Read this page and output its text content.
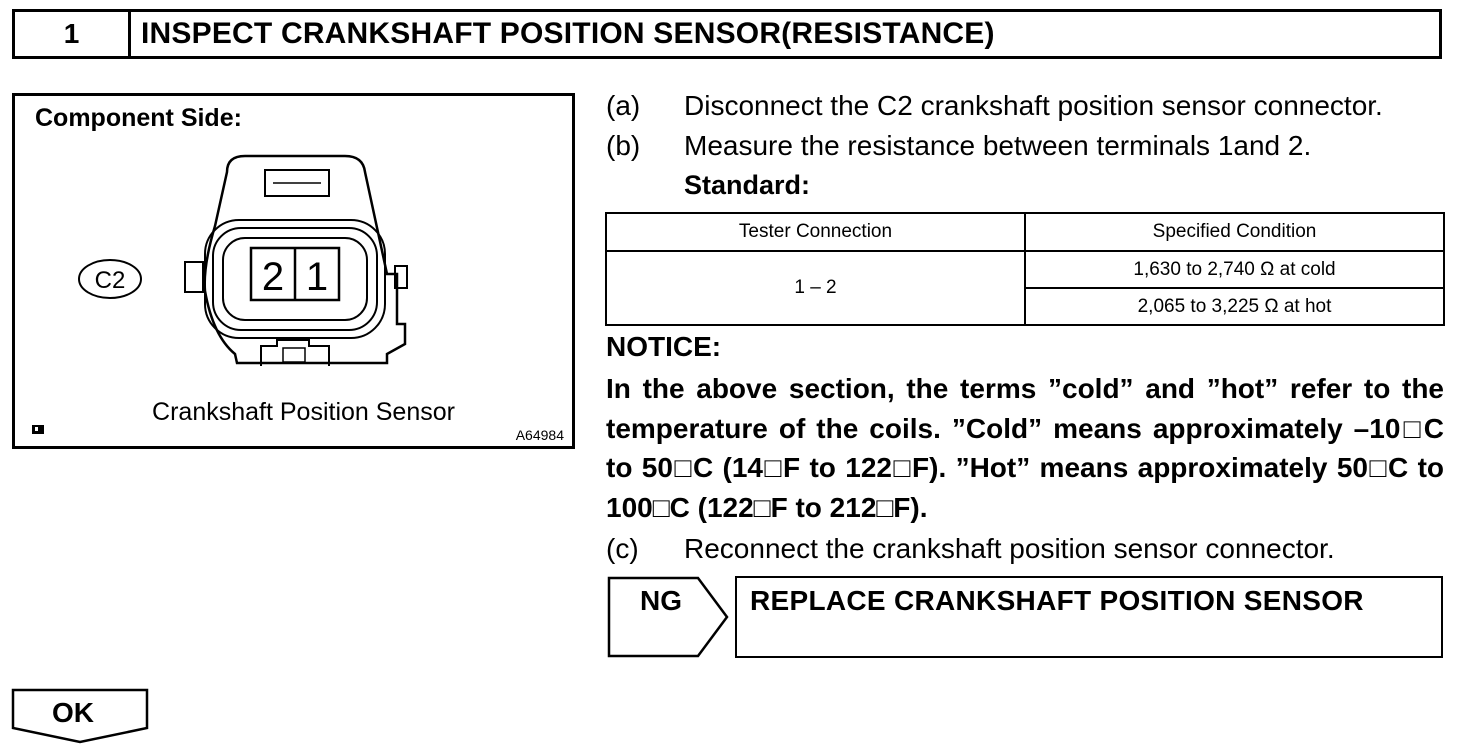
1	INSPECT CRANKSHAFT POSITION SENSOR(RESISTANCE)
C2	2 1
Component Side:
Crankshaft Position Sensor
A64984
(a) Disconnect the C2 crankshaft position sensor connector.
(b) Measure the resistance between terminals 1and 2.
Standard:
Tester Connection	Specified Condition
1 – 2	1,630 to 2,740 Ω at cold
	2,065 to 3,225 Ω at hot
NOTICE:
In the above section, the terms ”cold” and ”hot” refer to the temperature of the coils. ”Cold” means approximately –10□C to 50□C (14□F to 122□F). ”Hot” means approximately 50□C to 100□C (122□F to 212□F).
(c) Reconnect the crankshaft position sensor connector.
NG REPLACE CRANKSHAFT POSITION SENSOR
OK
